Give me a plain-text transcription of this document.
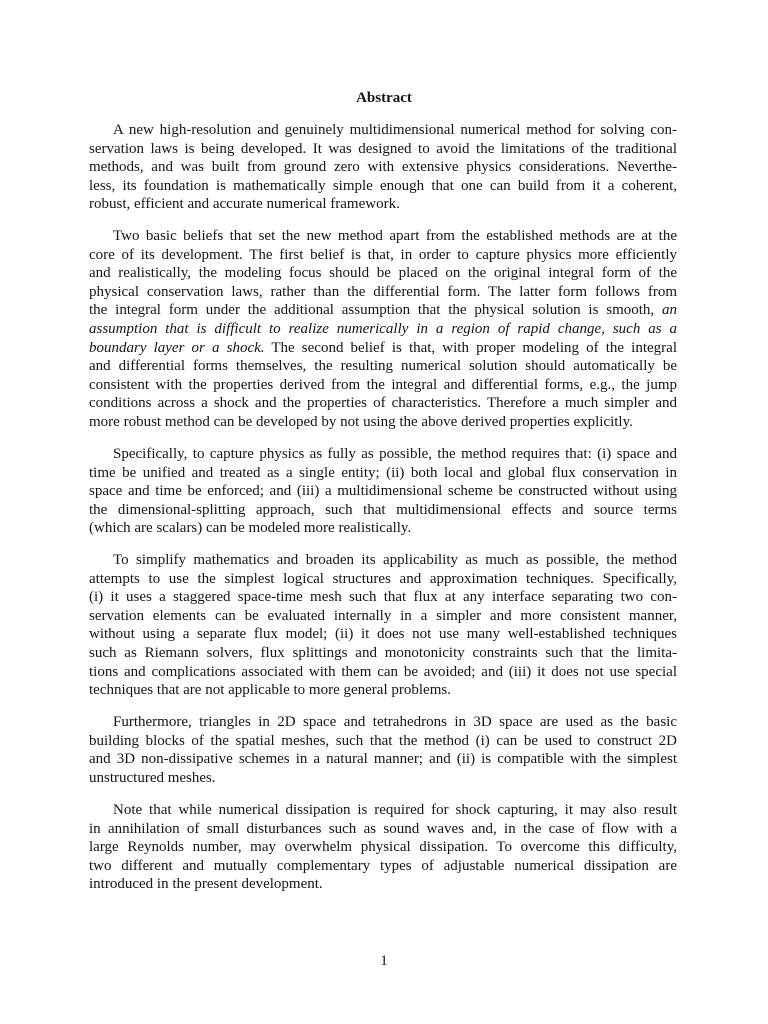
Abstract
A new high-resolution and genuinely multidimensional numerical method for solving con-
servation laws is being developed. It was designed to avoid the limitations of the traditional
methods, and was built from ground zero with extensive physics considerations. Neverthe-
less, its foundation is mathematically simple enough that one can build from it a coherent,
robust, efficient and accurate numerical framework.
Two basic beliefs that set the new method apart from the established methods are at the
core of its development. The first belief is that, in order to capture physics more efficiently
and realistically, the modeling focus should be placed on the original integral form of the
physical conservation laws, rather than the differential form. The latter form follows from
the integral form under the additional assumption that the physical solution is smooth, an
assumption that is difficult to realize numerically in a region of rapid change, such as a
boundary layer or a shock. The second belief is that, with proper modeling of the integral
and differential forms themselves, the resulting numerical solution should automatically be
consistent with the properties derived from the integral and differential forms, e.g., the jump
conditions across a shock and the properties of characteristics. Therefore a much simpler and
more robust method can be developed by not using the above derived properties explicitly.
Specifically, to capture physics as fully as possible, the method requires that: (i) space and
time be unified and treated as a single entity; (ii) both local and global flux conservation in
space and time be enforced; and (iii) a multidimensional scheme be constructed without using
the dimensional-splitting approach, such that multidimensional effects and source terms
(which are scalars) can be modeled more realistically.
To simplify mathematics and broaden its applicability as much as possible, the method
attempts to use the simplest logical structures and approximation techniques. Specifically,
(i) it uses a staggered space-time mesh such that flux at any interface separating two con-
servation elements can be evaluated internally in a simpler and more consistent manner,
without using a separate flux model; (ii) it does not use many well-established techniques
such as Riemann solvers, flux splittings and monotonicity constraints such that the limita-
tions and complications associated with them can be avoided; and (iii) it does not use special
techniques that are not applicable to more general problems.
Furthermore, triangles in 2D space and tetrahedrons in 3D space are used as the basic
building blocks of the spatial meshes, such that the method (i) can be used to construct 2D
and 3D non-dissipative schemes in a natural manner; and (ii) is compatible with the simplest
unstructured meshes.
Note that while numerical dissipation is required for shock capturing, it may also result
in annihilation of small disturbances such as sound waves and, in the case of flow with a
large Reynolds number, may overwhelm physical dissipation. To overcome this difficulty,
two different and mutually complementary types of adjustable numerical dissipation are
introduced in the present development.
1
